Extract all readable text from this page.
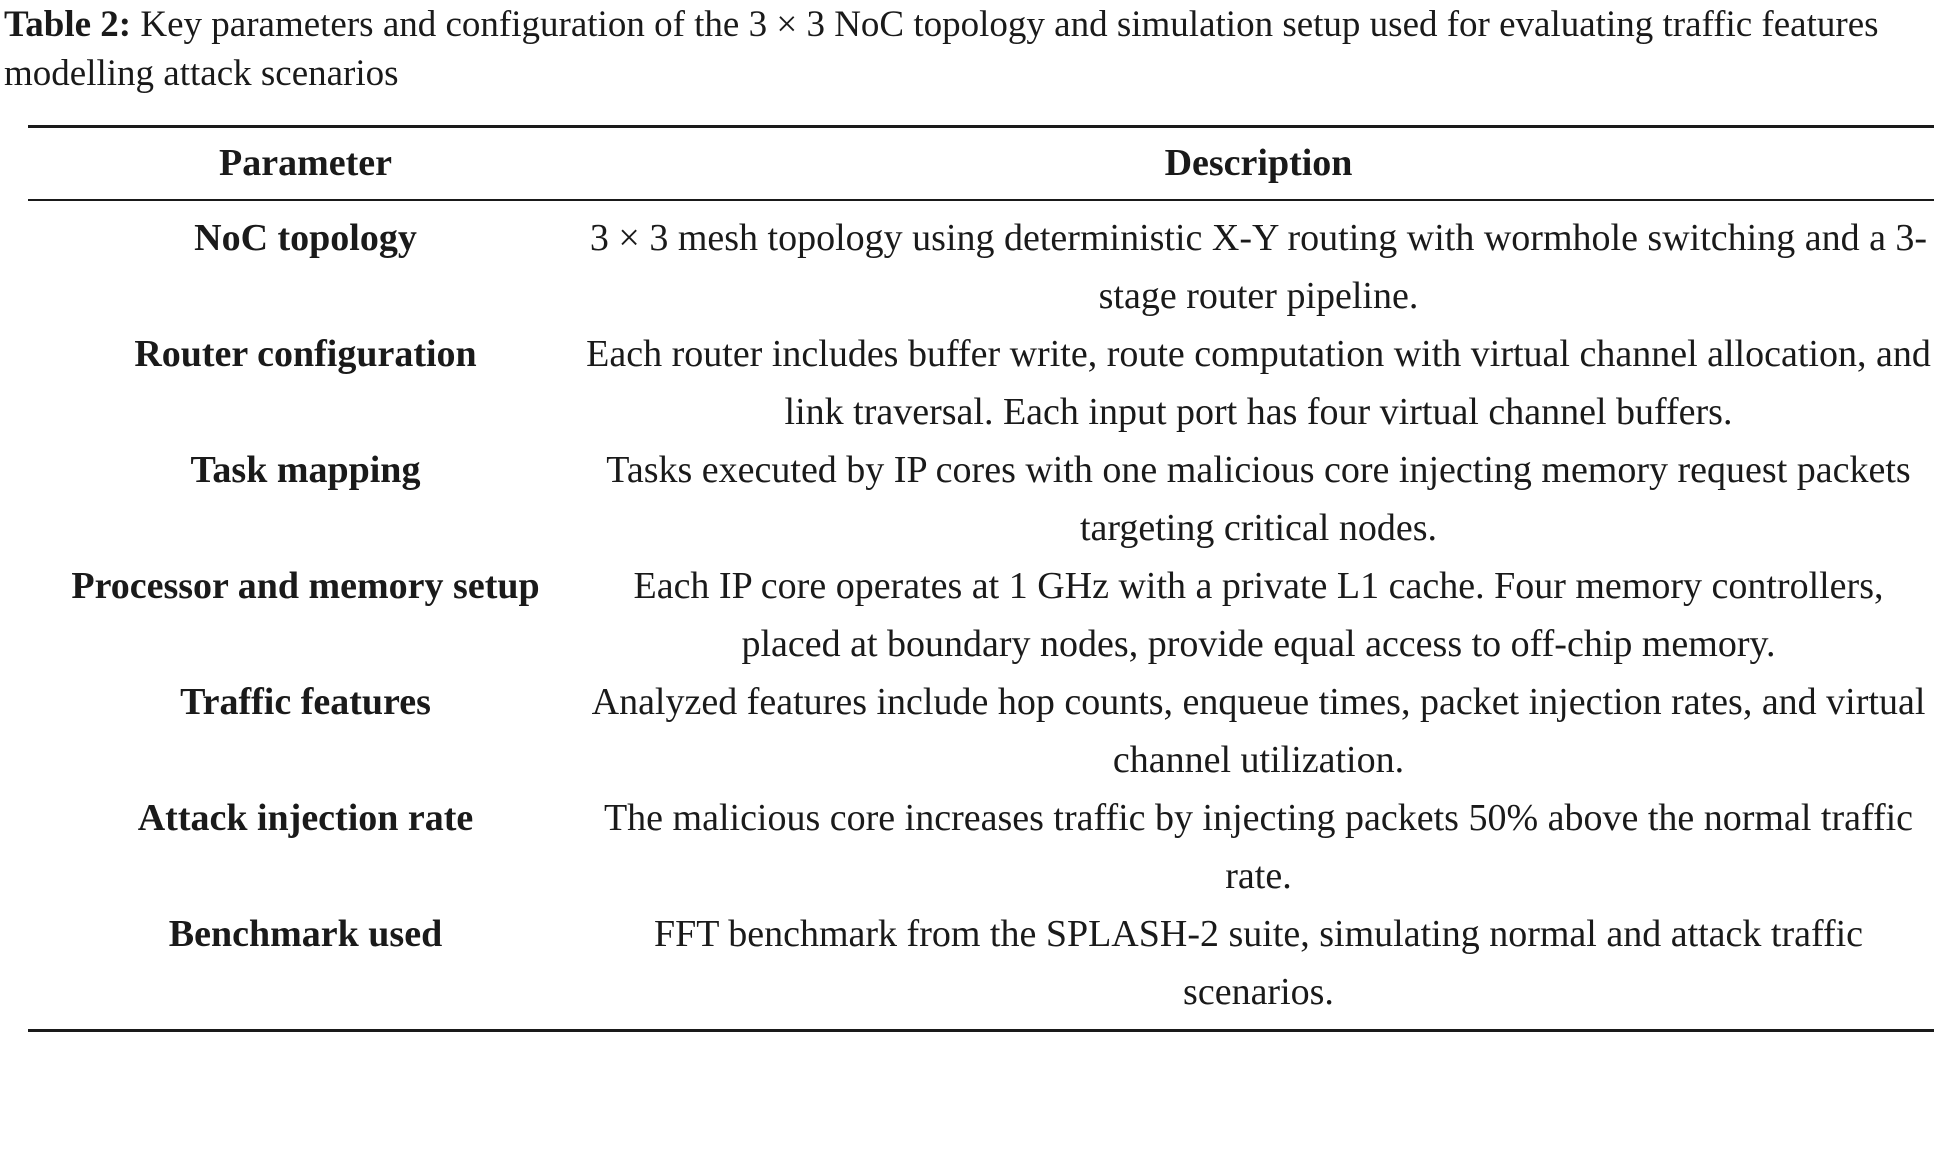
Table 2: Key parameters and configuration of the 3 × 3 NoC topology and simulation setup used for evaluating traffic features modelling attack scenarios
Parameter	Description
NoC topology	3 × 3 mesh topology using deterministic X-Y routing with wormhole switching and a 3-stage router pipeline.
Router configuration	Each router includes buffer write, route computation with virtual channel allocation, and link traversal. Each input port has four virtual channel buffers.
Task mapping	Tasks executed by IP cores with one malicious core injecting memory request packets targeting critical nodes.
Processor and memory setup	Each IP core operates at 1 GHz with a private L1 cache. Four memory controllers, placed at boundary nodes, provide equal access to off-chip memory.
Traffic features	Analyzed features include hop counts, enqueue times, packet injection rates, and virtual channel utilization.
Attack injection rate	The malicious core increases traffic by injecting packets 50% above the normal traffic rate.
Benchmark used	FFT benchmark from the SPLASH-2 suite, simulating normal and attack traffic scenarios.
